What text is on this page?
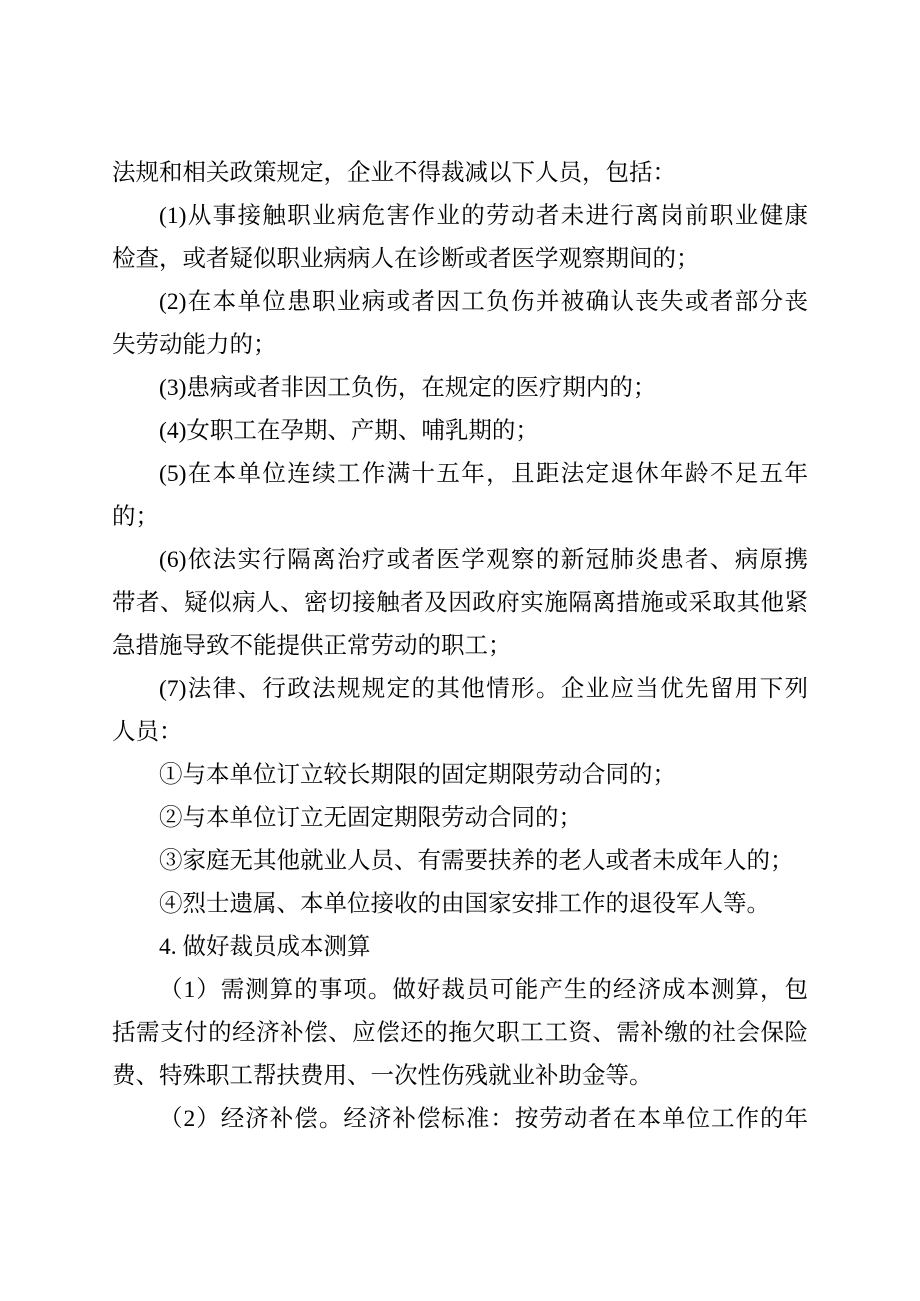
法规和相关政策规定，企业不得裁减以下人员，包括：
(1)从事接触职业病危害作业的劳动者未进行离岗前职业健康
检查，或者疑似职业病病人在诊断或者医学观察期间的；
(2)在本单位患职业病或者因工负伤并被确认丧失或者部分丧
失劳动能力的；
(3)患病或者非因工负伤，在规定的医疗期内的；
(4)女职工在孕期、产期、哺乳期的；
(5)在本单位连续工作满十五年，且距法定退休年龄不足五年
的；
(6)依法实行隔离治疗或者医学观察的新冠肺炎患者、病原携
带者、疑似病人、密切接触者及因政府实施隔离措施或采取其他紧
急措施导致不能提供正常劳动的职工；
(7)法律、行政法规规定的其他情形。企业应当优先留用下列
人员：
①与本单位订立较长期限的固定期限劳动合同的；
②与本单位订立无固定期限劳动合同的；
③家庭无其他就业人员、有需要扶养的老人或者未成年人的；
④烈士遗属、本单位接收的由国家安排工作的退役军人等。
4. 做好裁员成本测算
（1）需测算的事项。做好裁员可能产生的经济成本测算，包
括需支付的经济补偿、应偿还的拖欠职工工资、需补缴的社会保险
费、特殊职工帮扶费用、一次性伤残就业补助金等。
（2）经济补偿。经济补偿标准：按劳动者在本单位工作的年
